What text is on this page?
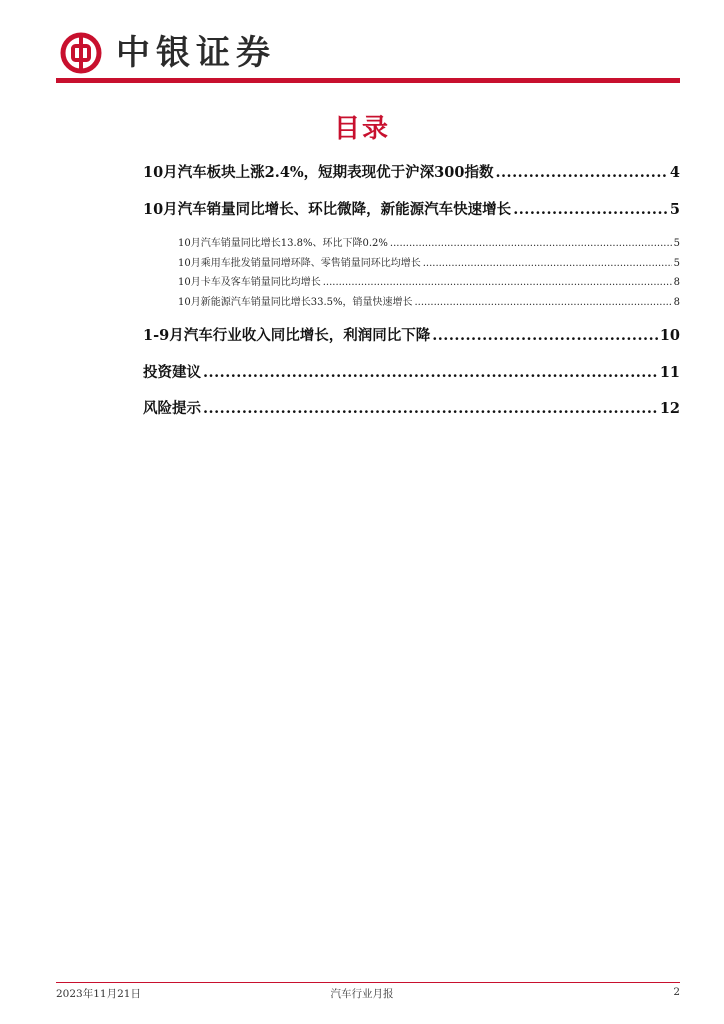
中银证券
目录
10月汽车板块上涨2.4%，短期表现优于沪深300指数 .....	4
10月汽车销量同比增长、环比微降，新能源汽车快速增长 .....	5
10月汽车销量同比增长13.8%、环比下降0.2% .....	5
10月乘用车批发销量同增环降、零售销量同环比均增长 .....	5
10月卡车及客车销量同比均增长 .....	8
10月新能源汽车销量同比增长33.5%，销量快速增长 .....	8
1-9月汽车行业收入同比增长，利润同比下降 .....	10
投资建议 .....	11
风险提示 .....	12
2023年11月21日	汽车行业月报	2
